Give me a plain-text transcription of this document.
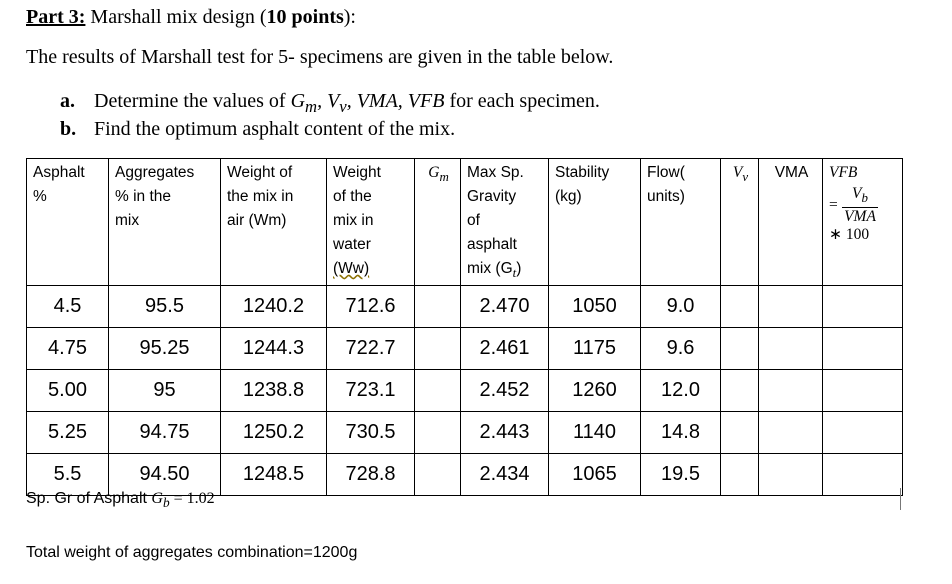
Part 3: Marshall mix design (10 points):
The results of Marshall test for 5- specimens are given in the table below.
a. Determine the values of $G_m$, $V_v$, VMA, VFB for each specimen.
b. Find the optimum asphalt content of the mix.
Asphalt
%	Aggregates
% in the
mix	Weight of
the mix in
air (Wm)	Weight
of the
mix in
water
(Ww)	$G_m$	Max Sp.
Gravity
of
asphalt
mix $(G_t)$	Stability
(kg)	Flow(
units)	$V_v$	VMA	VFB
= $\frac{V_b}{\text{VMA}}$
∗ 100

4.5	95.5	1240.2	712.6		2.470	1050	9.0			
4.75	95.25	1244.3	722.7		2.461	1175	9.6			
5.00	95	1238.8	723.1		2.452	1260	12.0			
5.25	94.75	1250.2	730.5		2.443	1140	14.8			
5.5	94.50	1248.5	728.8		2.434	1065	19.5			
Sp. Gr of Asphalt $G_b = 1.02$
Total weight of aggregates combination=1200g
